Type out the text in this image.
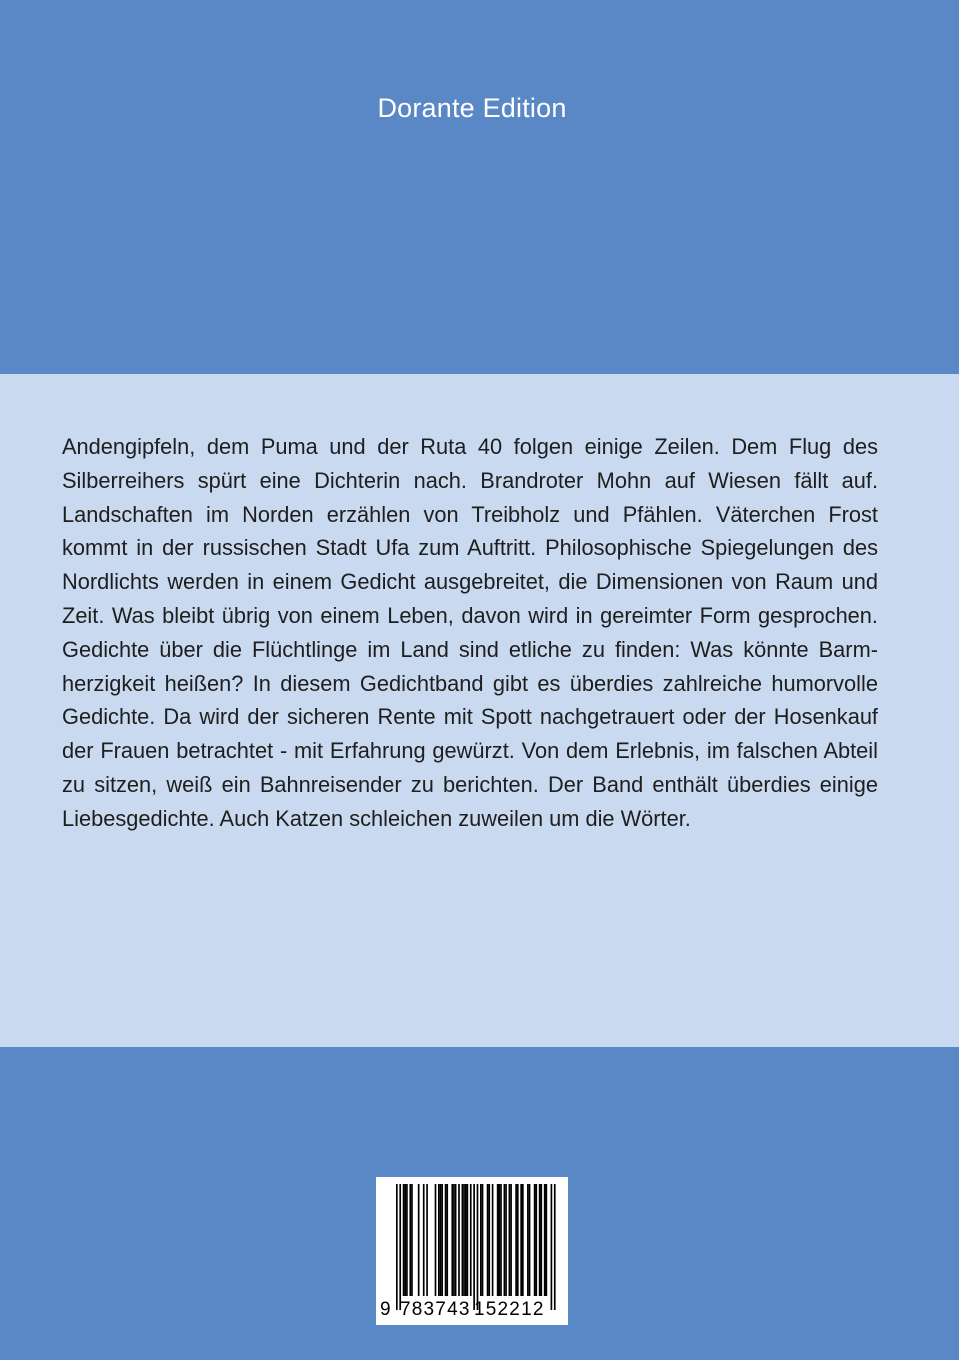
Dorante Edition

Andengipfeln, dem Puma und der Ruta 40 folgen einige Zeilen. Dem Flug des Silberreihers spürt eine Dichterin nach. Brandroter Mohn auf Wiesen fällt auf. Landschaften im Norden erzählen von Treibholz und Pfählen. Väterchen Frost kommt in der russischen Stadt Ufa zum Auftritt. Philosophische Spiegelungen des Nordlichts werden in einem Gedicht ausgebreitet, die Dimensionen von Raum und Zeit. Was bleibt übrig von einem Leben, davon wird in gereimter Form gesprochen. Gedichte über die Flüchtlinge im Land sind etliche zu finden: Was könnte Barmherzigkeit heißen? In diesem Gedichtband gibt es überdies zahlreiche humorvolle Gedichte. Da wird der sicheren Rente mit Spott nachgetrauert oder der Hosenkauf der Frauen betrachtet - mit Erfahrung gewürzt. Von dem Erlebnis, im falschen Abteil zu sitzen, weiß ein Bahnreisender zu berichten. Der Band enthält überdies einige Liebesgedichte. Auch Katzen schleichen zuweilen um die Wörter.

9 783743 152212
